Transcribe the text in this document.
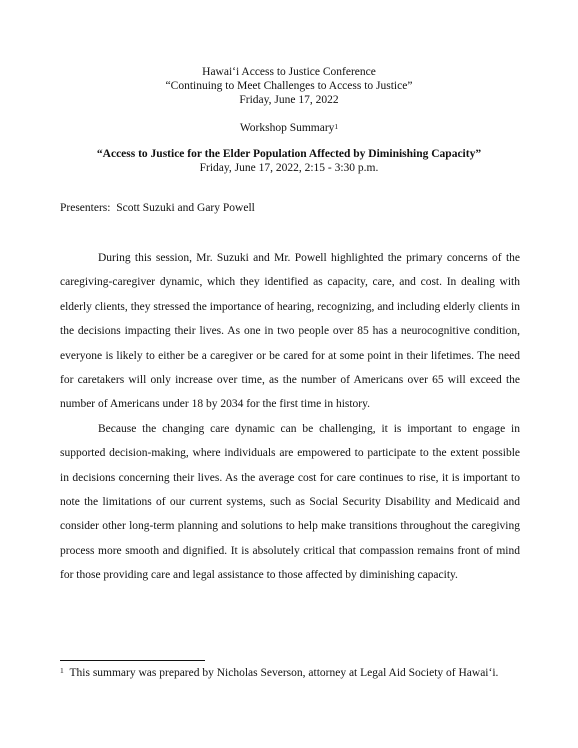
Hawai‘i Access to Justice Conference
“Continuing to Meet Challenges to Access to Justice”
Friday, June 17, 2022
Workshop Summary$^1$
“Access to Justice for the Elder Population Affected by Diminishing Capacity”
Friday, June 17, 2022, 2:15 - 3:30 p.m.
Presenters:  Scott Suzuki and Gary Powell

During this session, Mr. Suzuki and Mr. Powell highlighted the primary concerns of the caregiving-caregiver dynamic, which they identified as capacity, care, and cost. In dealing with elderly clients, they stressed the importance of hearing, recognizing, and including elderly clients in the decisions impacting their lives. As one in two people over 85 has a neurocognitive condition, everyone is likely to either be a caregiver or be cared for at some point in their lifetimes. The need for caretakers will only increase over time, as the number of Americans over 65 will exceed the number of Americans under 18 by 2034 for the first time in history.

Because the changing care dynamic can be challenging, it is important to engage in supported decision-making, where individuals are empowered to participate to the extent possible in decisions concerning their lives. As the average cost for care continues to rise, it is important to note the limitations of our current systems, such as Social Security Disability and Medicaid and consider other long-term planning and solutions to help make transitions throughout the caregiving process more smooth and dignified. It is absolutely critical that compassion remains front of mind for those providing care and legal assistance to those affected by diminishing capacity.

$^1$ This summary was prepared by Nicholas Severson, attorney at Legal Aid Society of Hawai‘i.
